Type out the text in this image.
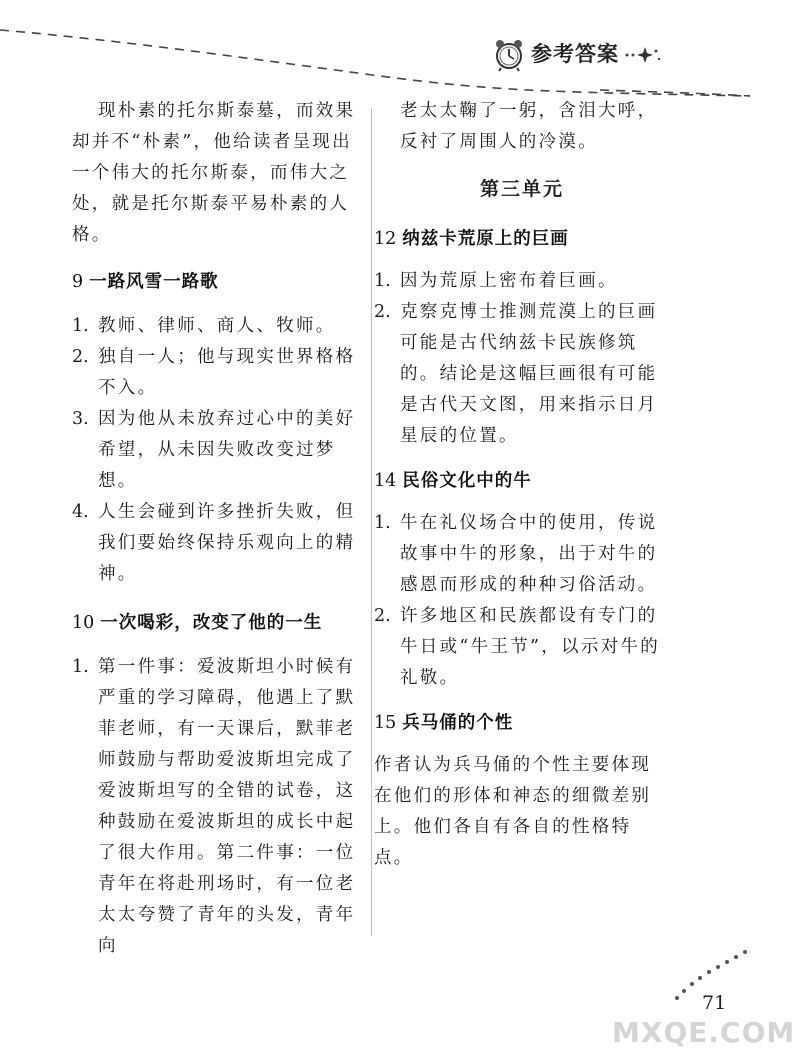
参考答案

现朴素的托尔斯泰墓，而效果却并不“朴素”，他给读者呈现出一个伟大的托尔斯泰，而伟大之处，就是托尔斯泰平易朴素的人格。

9 一路风雪一路歌

1. 教师、律师、商人、牧师。
2. 独自一人；他与现实世界格格不入。
3. 因为他从未放弃过心中的美好希望，从未因失败改变过梦想。
4. 人生会碰到许多挫折失败，但我们要始终保持乐观向上的精神。

10 一次喝彩，改变了他的一生

1. 第一件事：爱波斯坦小时候有严重的学习障碍，他遇上了默菲老师，有一天课后，默菲老师鼓励与帮助爱波斯坦完成了爱波斯坦写的全错的试卷，这种鼓励在爱波斯坦的成长中起了很大作用。第二件事：一位青年在将赴刑场时，有一位老太太夸赞了青年的头发，青年向

老太太鞠了一躬，含泪大呼，反衬了周围人的冷漠。

第三单元

12 纳兹卡荒原上的巨画

1. 因为荒原上密布着巨画。
2. 克察克博士推测荒漠上的巨画可能是古代纳兹卡民族修筑的。结论是这幅巨画很有可能是古代天文图，用来指示日月星辰的位置。

14 民俗文化中的牛

1. 牛在礼仪场合中的使用，传说故事中牛的形象，出于对牛的感恩而形成的种种习俗活动。
2. 许多地区和民族都设有专门的牛日或“牛王节”，以示对牛的礼敬。

15 兵马俑的个性

作者认为兵马俑的个性主要体现在他们的形体和神态的细微差别上。他们各自有各自的性格特点。

71
MXQE.COM
